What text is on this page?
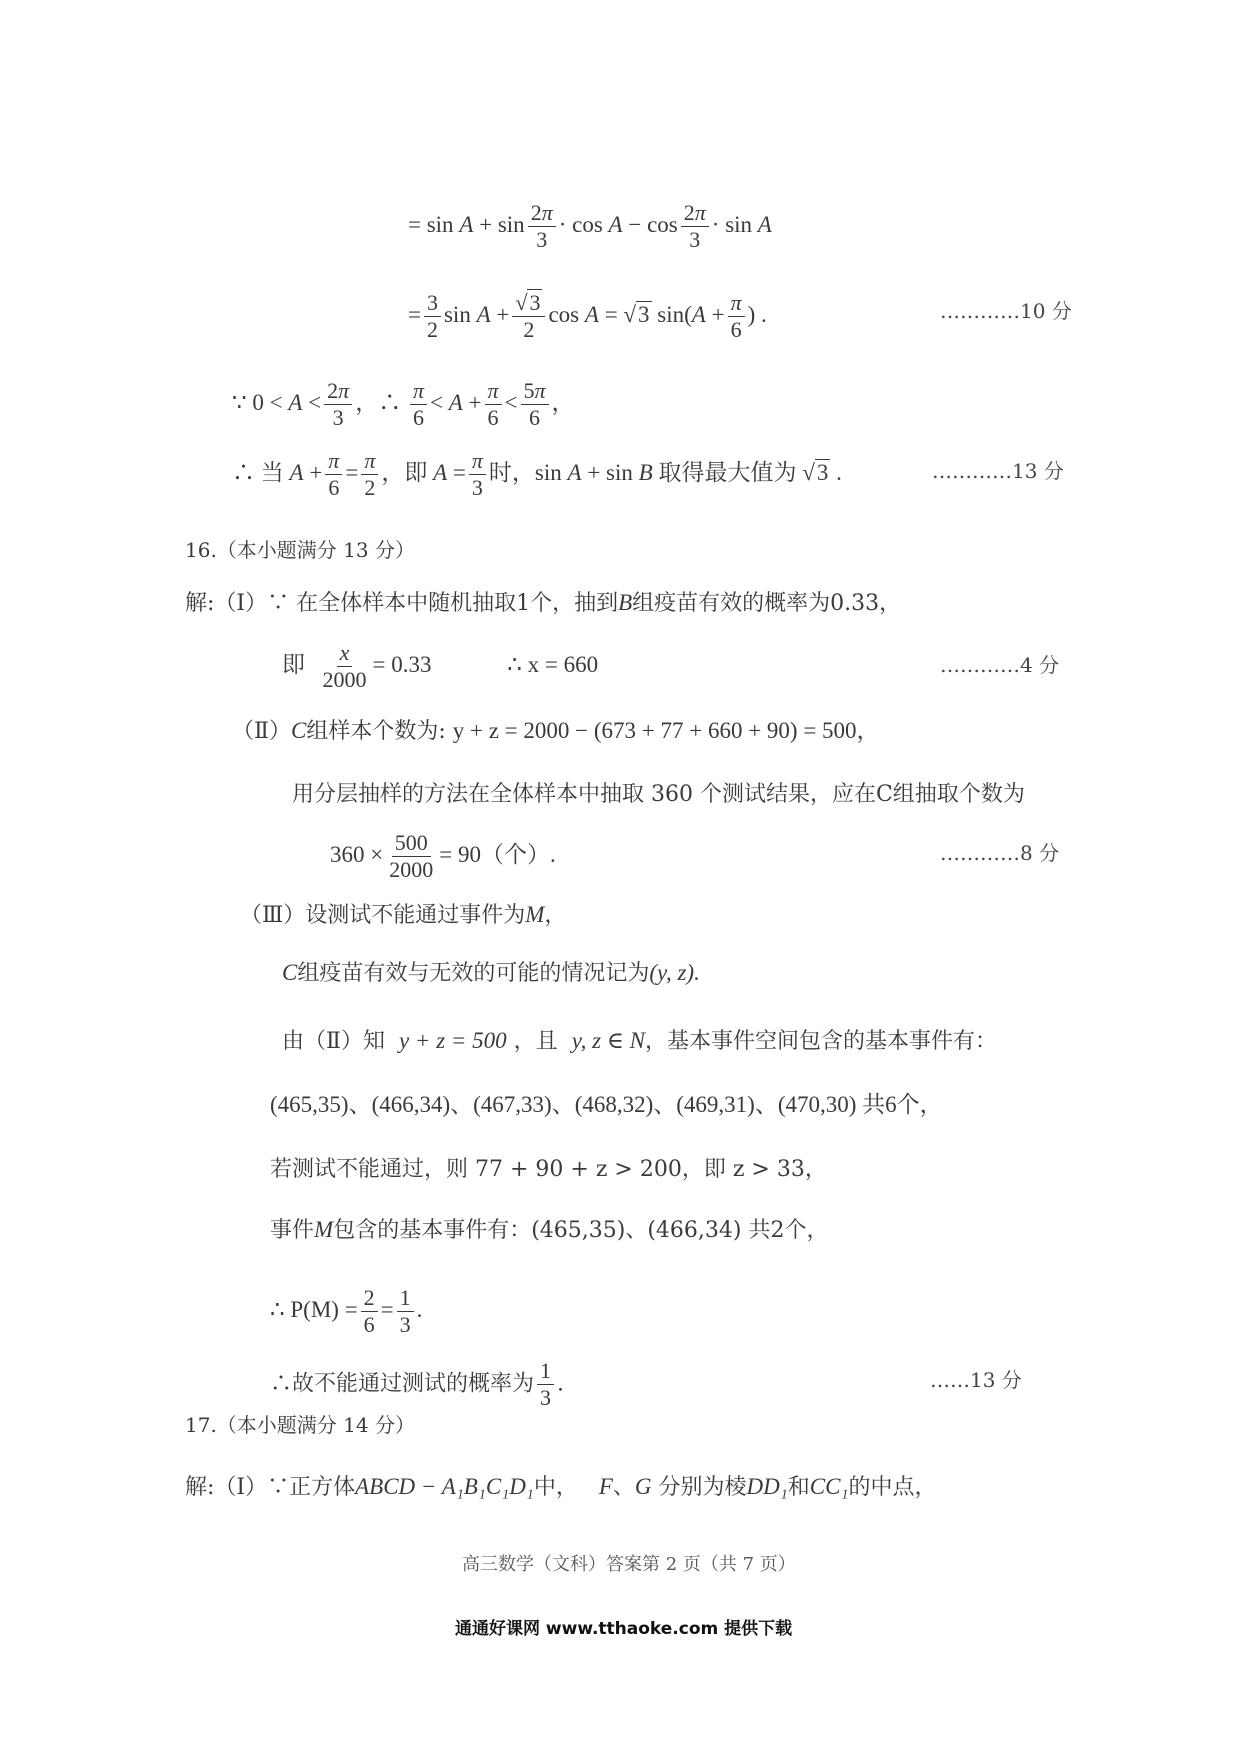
= $\sin A + \sin \frac{2\pi}{3} \cdot \cos A - \cos \frac{2\pi}{3} \cdot \sin A$
= $\frac{3}{2}$ $\sin A + \frac{√3}{2}$ cos A = √3 $\sin(A + \frac{\pi}{6}$ ) .	…………10 分
∵ $0 < A < \frac{2\pi}{3}$ ，∴ $\frac{\pi}{6} < A + \frac{\pi}{6} < \frac{5\pi}{6}$ ，
∴ 当 $A + \frac{\pi}{6} = \frac{\pi}{2}$ ，即 $A = \frac{\pi}{3}$ 时，sin A + sin B 取得最大值为 √3 .	…………13 分
16.（本小题满分 13 分）
解:（Ⅰ）∵ 在全体样本中随机抽取1个，抽到B组疫苗有效的概率为0.33，
即 $\frac{x}{2000} = 0.33$	∴ x = 660	…………4 分
（Ⅱ）C组样本个数为: y + z = 2000 − (673 + 77 + 660 + 90) = 500，
用分层抽样的方法在全体样本中抽取 360 个测试结果，应在C组抽取个数为
$360 \times \frac{500}{2000} = 90$（个）.	…………8 分
（Ⅲ）设测试不能通过事件为M，
C组疫苗有效与无效的可能的情况记为(y, z).
由（Ⅱ）知 y + z = 500 ，且 y, z ∈ N，基本事件空间包含的基本事件有：
(465,35)、(466,34)、(467,33)、(468,32)、(469,31)、(470,30) 共6个，
若测试不能通过，则 77 + 90 + z > 200，即 z > 33，
事件M包含的基本事件有：(465,35)、(466,34) 共2个，
∴ $P(M) = \frac{2}{6} = \frac{1}{3}$ .
∴故不能通过测试的概率为 $\frac{1}{3}$ .	……13 分
17.（本小题满分 14 分）
解:（Ⅰ）∵正方体ABCD − A₁B₁C₁D₁中， F、G 分别为棱DD₁和CC₁的中点，
高三数学（文科）答案第 2 页（共 7 页）
通通好课网 www.tthaoke.com 提供下载
